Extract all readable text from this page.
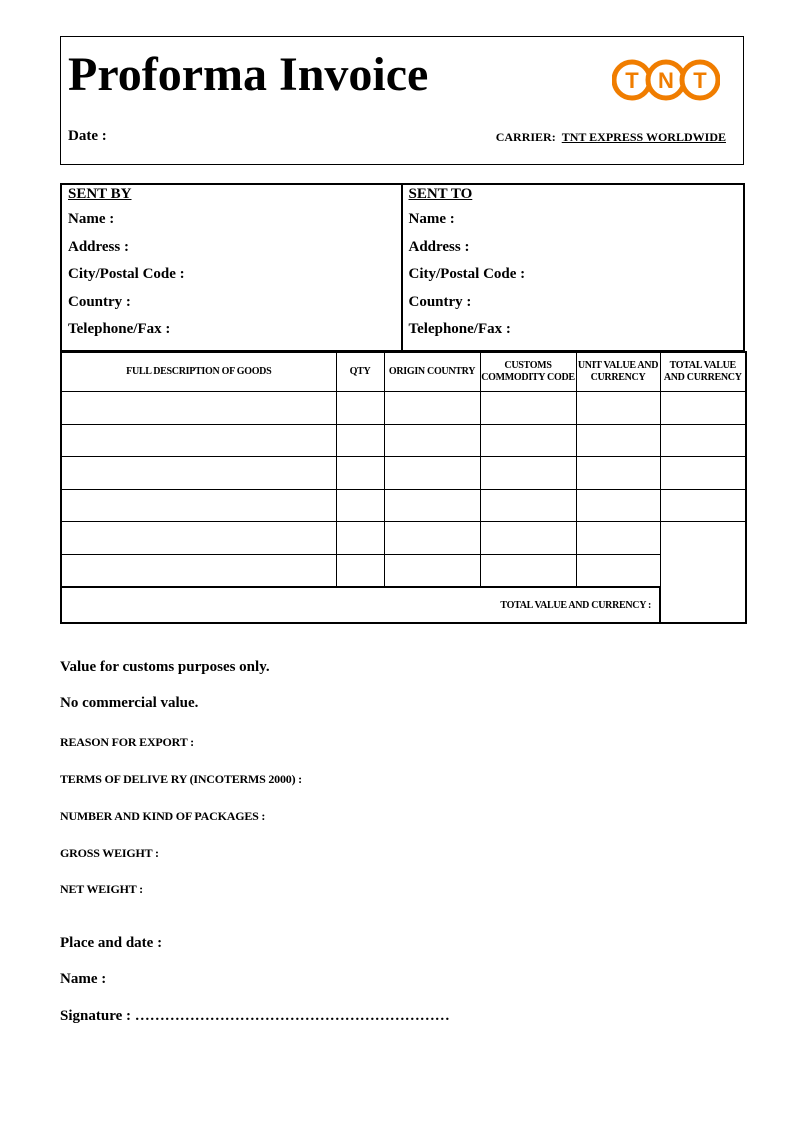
Proforma Invoice
Date :	CARRIER: TNT EXPRESS WORLDWIDE
T N T
SENT BY
Name :
Address :
City/Postal Code :
Country :
Telephone/Fax :
SENT TO
Name :
Address :
City/Postal Code :
Country :
Telephone/Fax :
FULL DESCRIPTION OF GOODS	QTY	ORIGIN COUNTRY	CUSTOMS COMMODITY CODE	UNIT VALUE AND CURRENCY	TOTAL VALUE AND CURRENCY

TOTAL VALUE AND CURRENCY :					
Value for customs purposes only.
No commercial value.
REASON FOR EXPORT :
TERMS OF DELIVE RY (INCOTERMS 2000) :
NUMBER AND KIND OF PACKAGES :
GROSS WEIGHT :
NET WEIGHT :
Place and date :
Name :
Signature : ………………………………………………………
